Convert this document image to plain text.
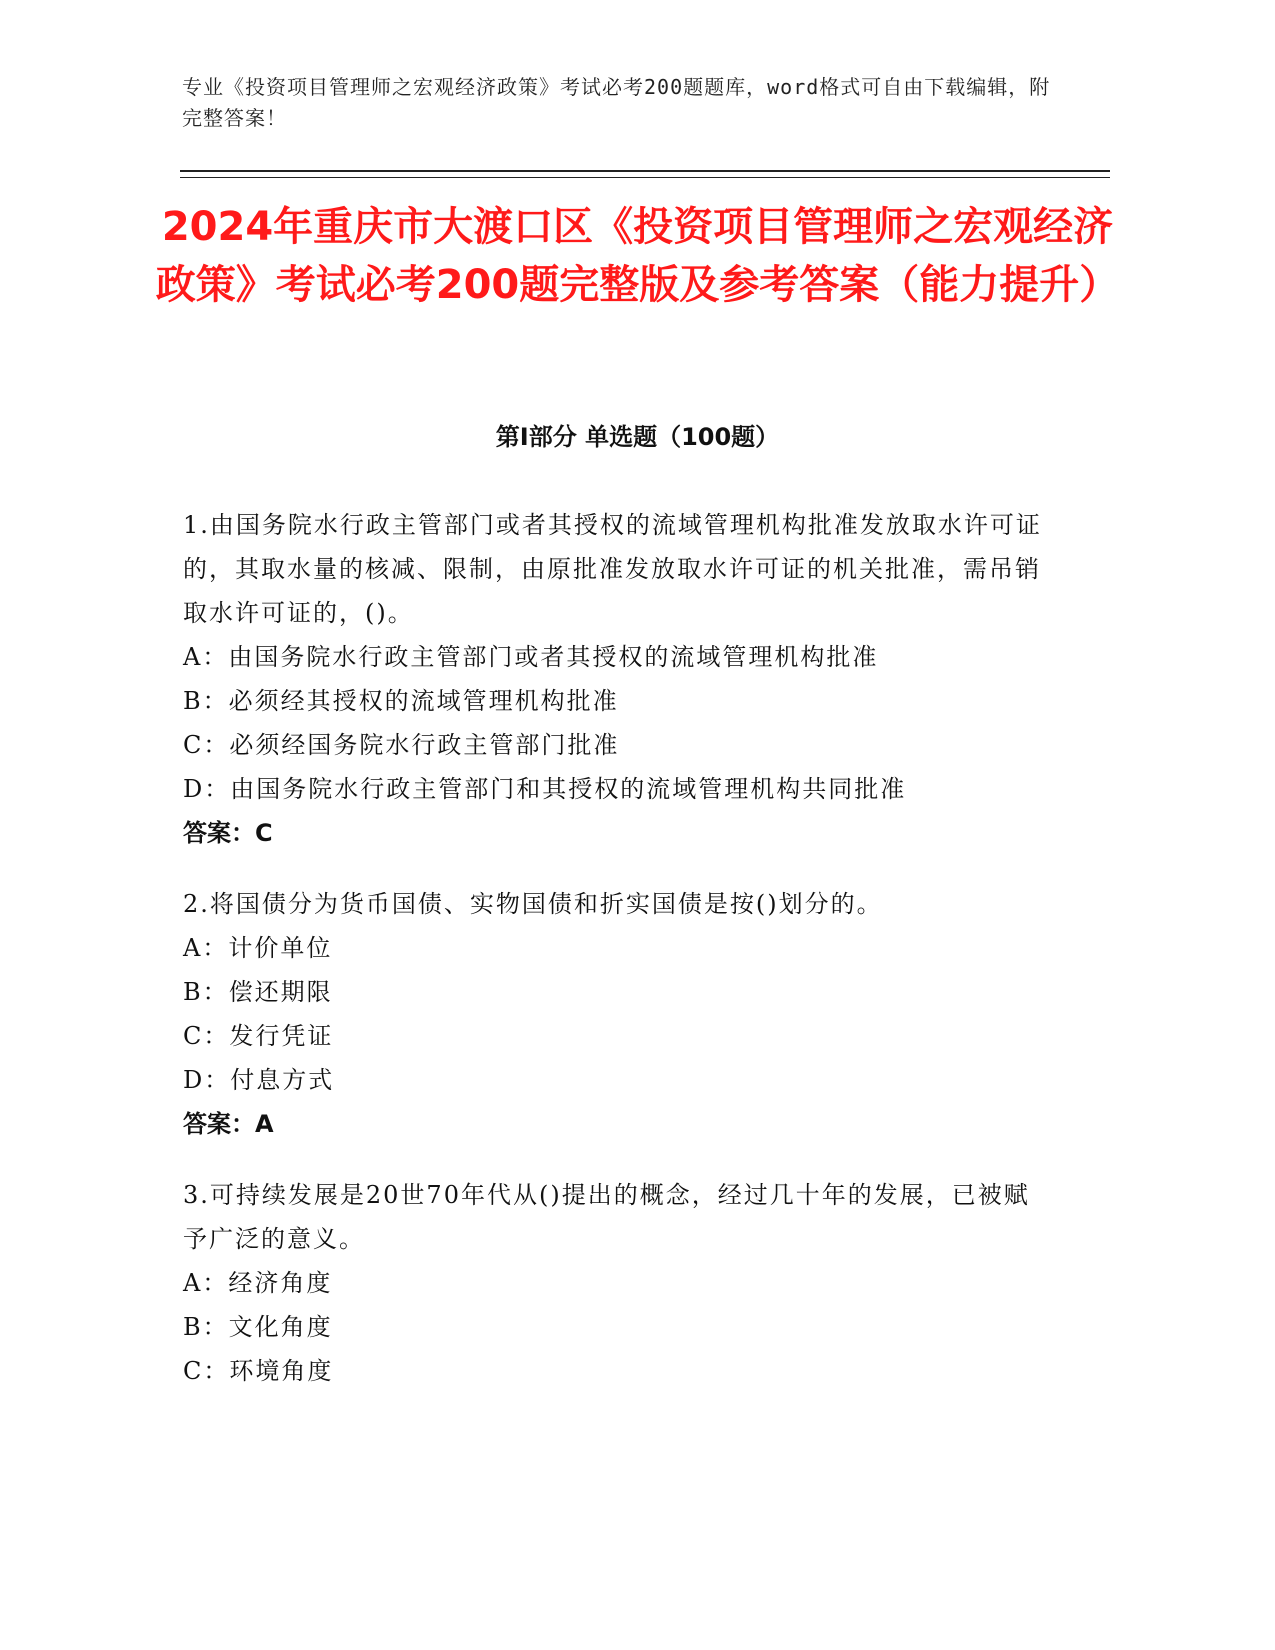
专业《投资项目管理师之宏观经济政策》考试必考200题题库，word格式可自由下载编辑，附完整答案！
2024年重庆市大渡口区《投资项目管理师之宏观经济政策》考试必考200题完整版及参考答案（能力提升）
第Ⅰ部分 单选题（100题）

1.由国务院水行政主管部门或者其授权的流域管理机构批准发放取水许可证的，其取水量的核减、限制，由原批准发放取水许可证的机关批准，需吊销取水许可证的，()。

A：由国务院水行政主管部门或者其授权的流域管理机构批准

B：必须经其授权的流域管理机构批准

C：必须经国务院水行政主管部门批准

D：由国务院水行政主管部门和其授权的流域管理机构共同批准

答案：C

2.将国债分为货币国债、实物国债和折实国债是按()划分的。

A：计价单位

B：偿还期限

C：发行凭证

D：付息方式

答案：A

3.可持续发展是20世70年代从()提出的概念，经过几十年的发展，已被赋予广泛的意义。

A：经济角度

B：文化角度

C：环境角度
